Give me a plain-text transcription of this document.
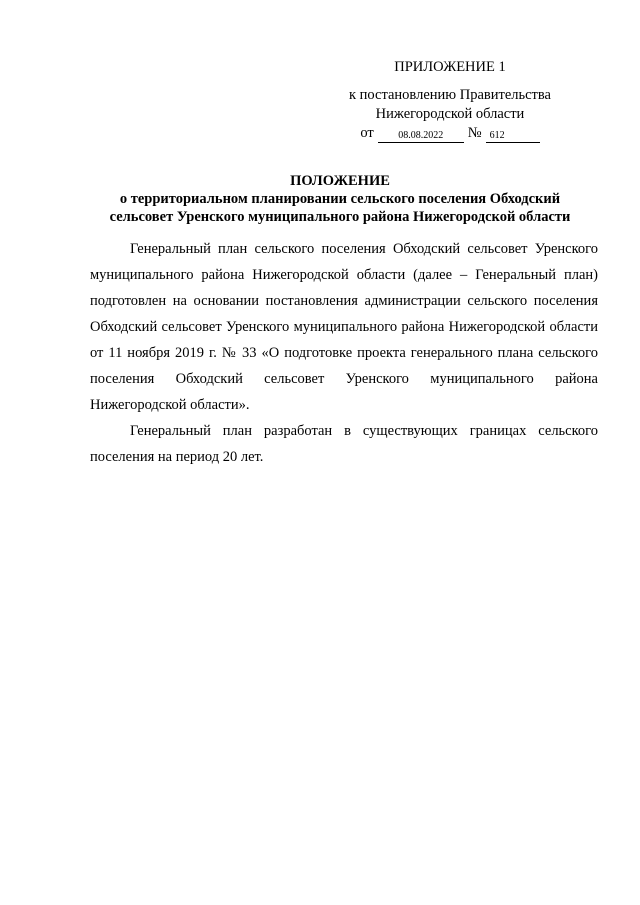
ПРИЛОЖЕНИЕ 1
к постановлению Правительства
Нижегородской области
от	08.08.2022	№ 612
ПОЛОЖЕНИЕ
о территориальном планировании сельского поселения Обходский
сельсовет Уренского муниципального района Нижегородской области

Генеральный план сельского поселения Обходский сельсовет Уренского муниципального района Нижегородской области (далее – Генеральный план) подготовлен на основании постановления администрации сельского поселения Обходский сельсовет Уренского муниципального района Нижегородской области от 11 ноября 2019 г. № 33 «О подготовке проекта генерального плана сельского поселения Обходский сельсовет Уренского муниципального района Нижегородской области».

Генеральный план разработан в существующих границах сельского поселения на период 20 лет.
